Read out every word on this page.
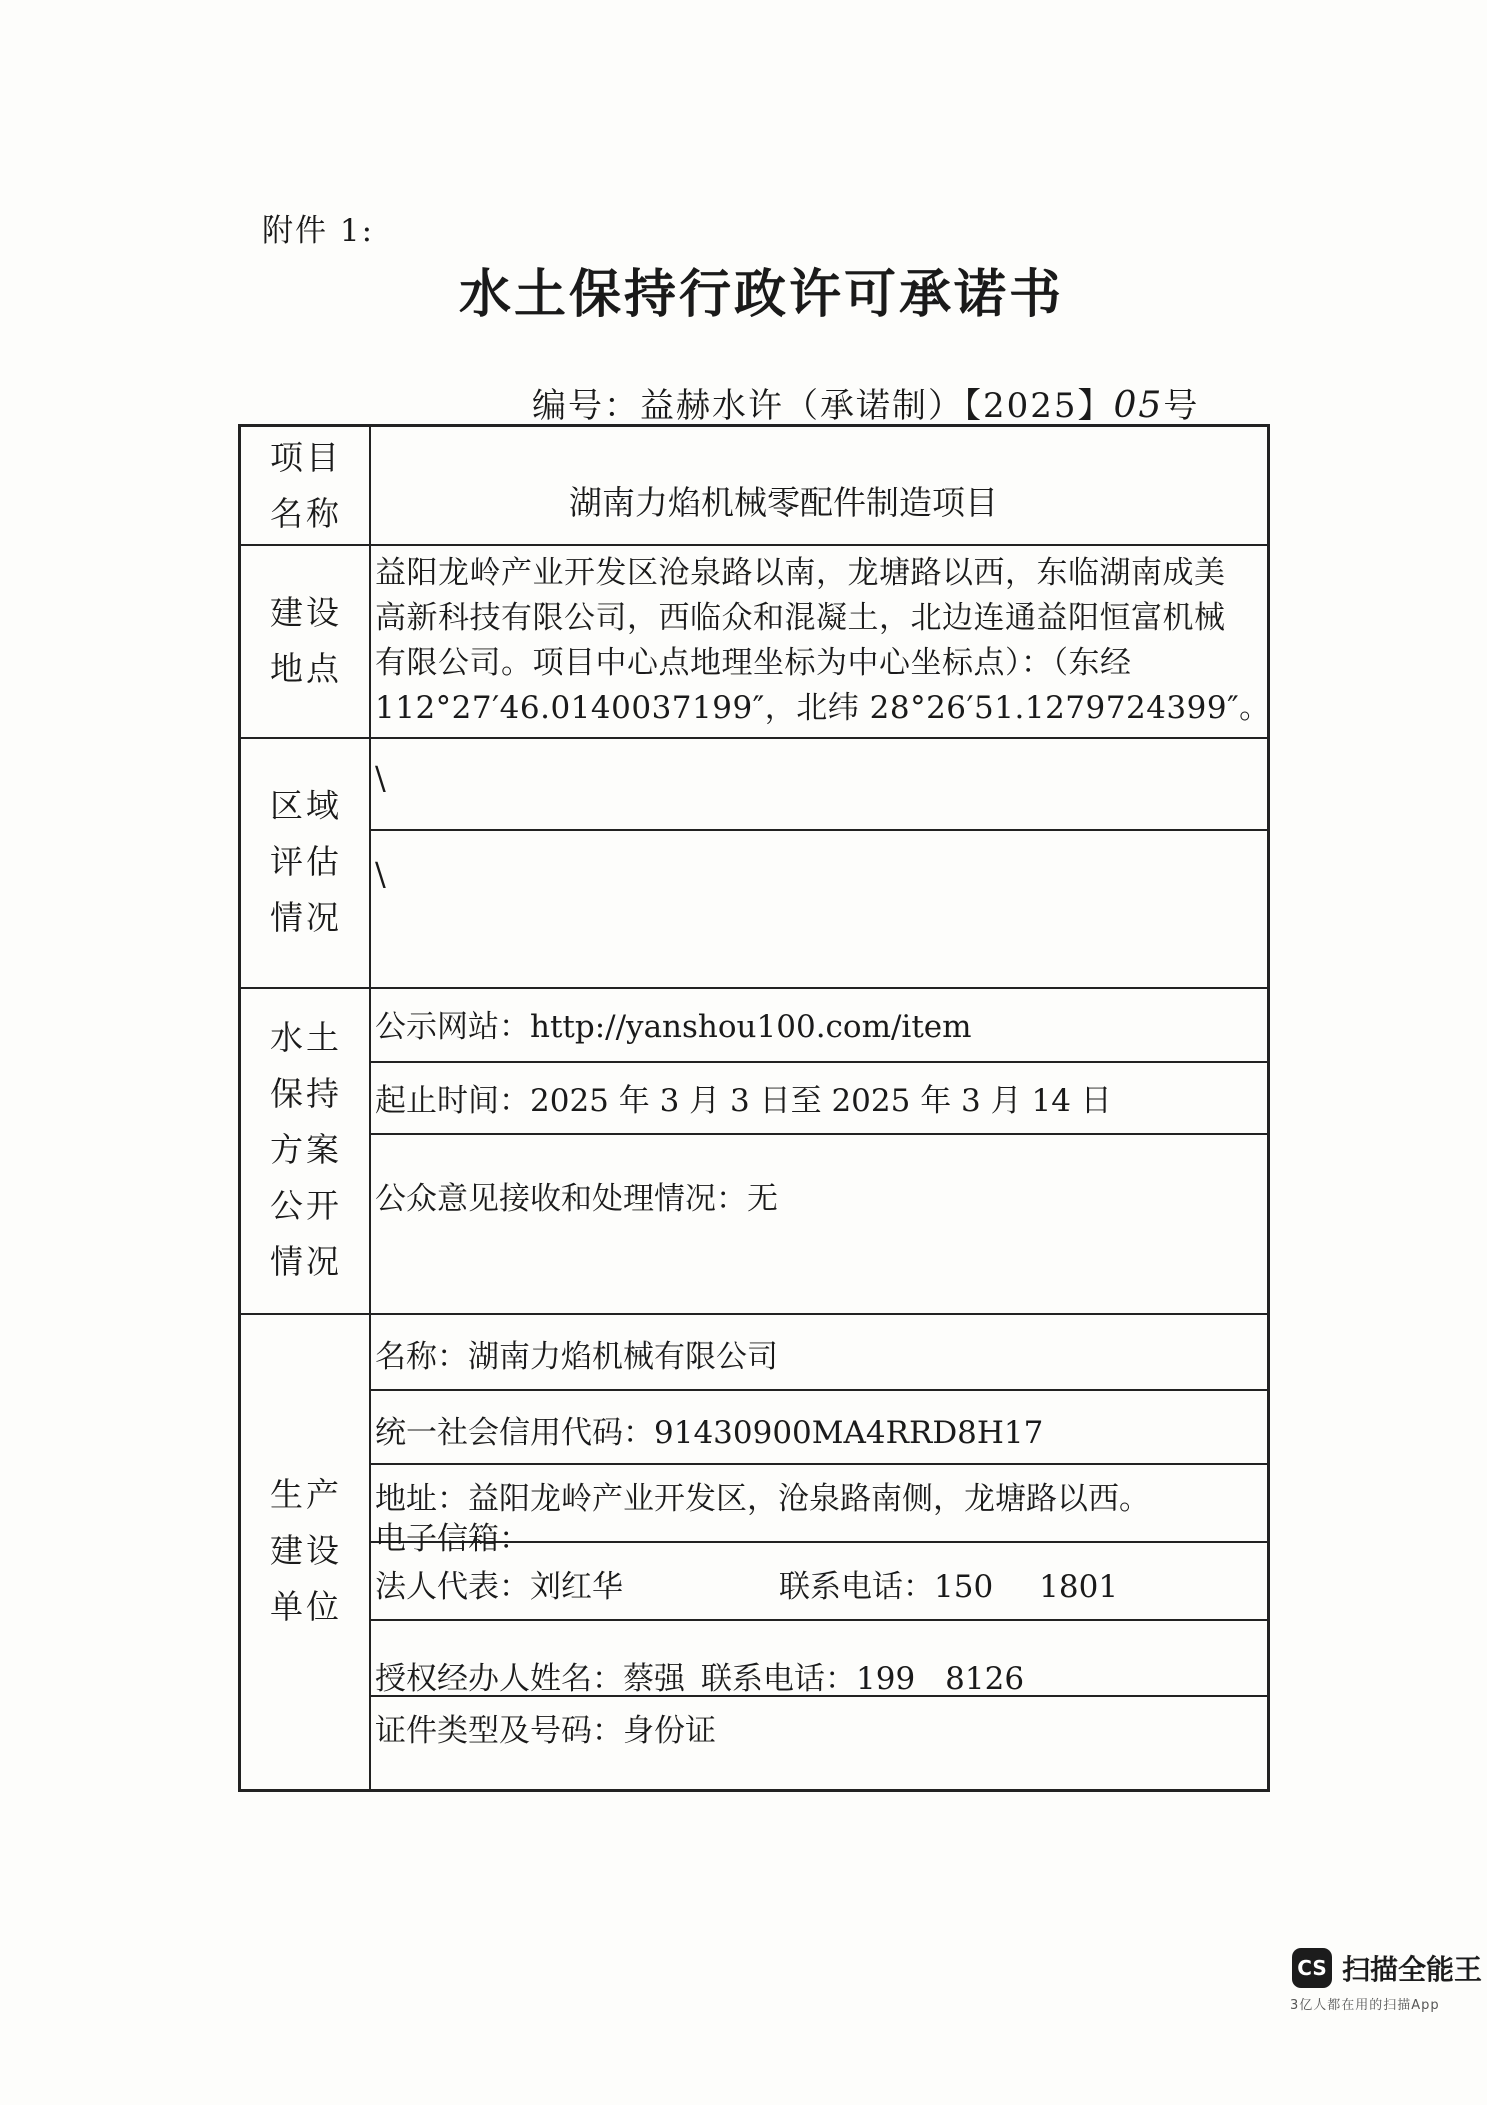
附件 1:
水土保持行政许可承诺书
编号：益赫水许（承诺制）【2025】05号
项目
名称	湖南力焰机械零配件制造项目
建设
地点
益阳龙岭产业开发区沧泉路以南，龙塘路以西，东临湖南成美
高新科技有限公司，西临众和混凝土，北边连通益阳恒富机械
有限公司。项目中心点地理坐标为中心坐标点）：（东经
112°27′46.0140037199″，北纬 28°26′51.1279724399″。
区域
评估
情况
\
\
水土
保持
方案
公开
情况
公示网站：http://yanshou100.com/item
起止时间：2025 年 3 月 3 日至 2025 年 3 月 14 日
公众意见接收和处理情况：无
生产
建设
单位
名称：湖南力焰机械有限公司
统一社会信用代码：91430900MA4RRD8H17
地址：益阳龙岭产业开发区，沧泉路南侧，龙塘路以西。
电子信箱：
法人代表：刘红华	联系电话：150 1801
授权经办人姓名：蔡强 联系电话：199 8126
证件类型及号码：身份证
CS 扫描全能王
3亿人都在用的扫描App
